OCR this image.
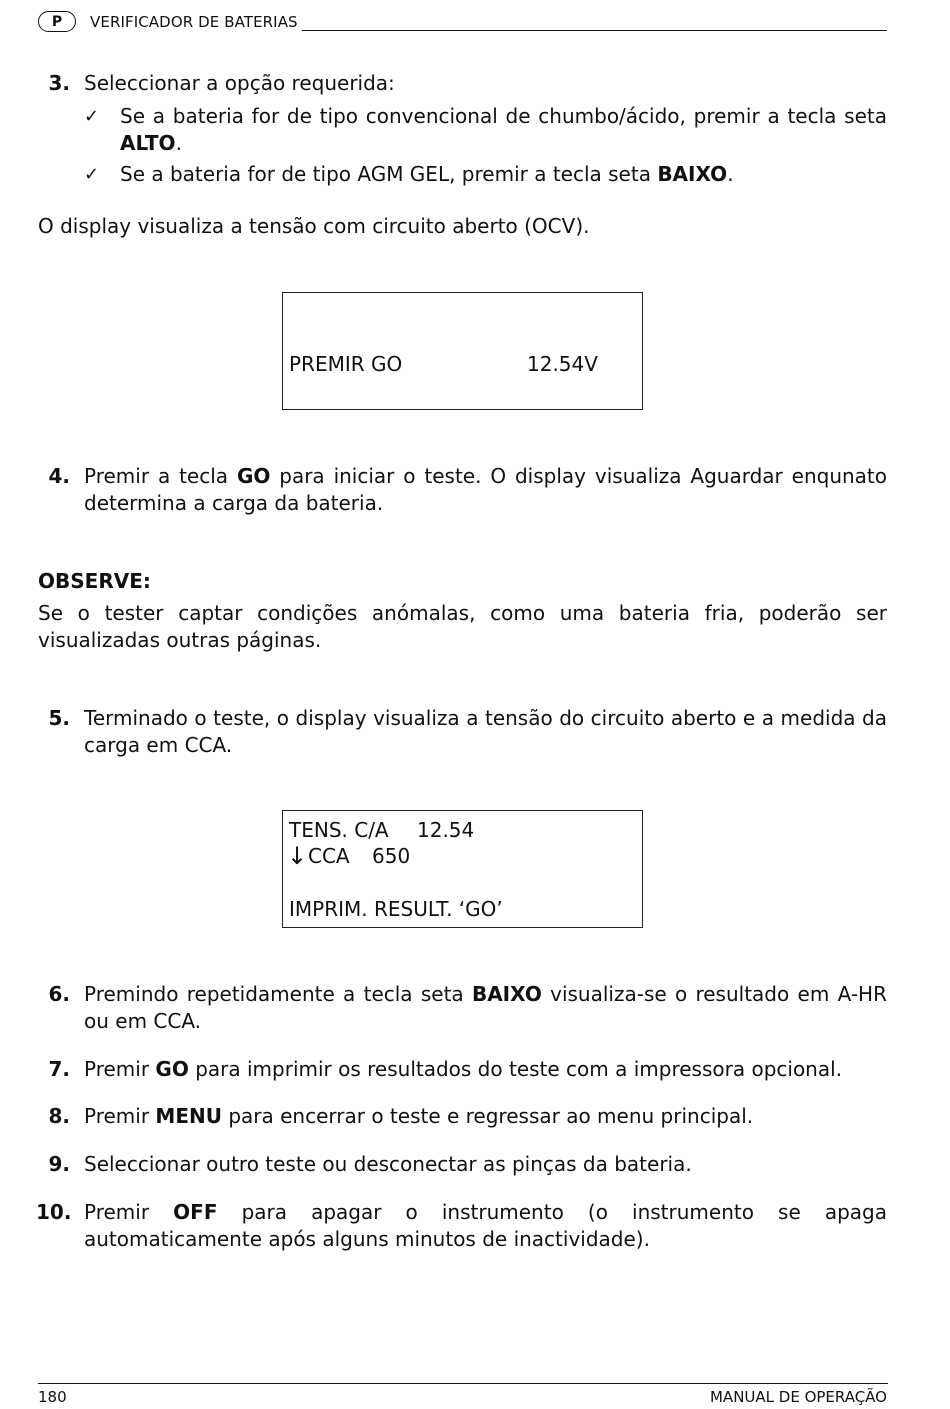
P	VERIFICADOR DE BATERIAS
3. Seleccionar a opção requerida:
✓ Se a bateria for de tipo convencional de chumbo/ácido, premir a tecla seta ALTO.
✓ Se a bateria for de tipo AGM GEL, premir a tecla seta BAIXO.
O display visualiza a tensão com circuito aberto (OCV).
PREMIR GO	12.54V
4. Premir a tecla GO para iniciar o teste. O display visualiza Aguardar enqunato determina a carga da bateria.
OBSERVE:
Se o tester captar condições anómalas, como uma bateria fria, poderão ser visualizadas outras páginas.
5. Terminado o teste, o display visualiza a tensão do circuito aberto e a medida da carga em CCA.
TENS. C/A 12.54
↓ CCA 650
IMPRIM. RESULT. ‘GO’
6. Premindo repetidamente a tecla seta BAIXO visualiza-se o resultado em A-HR ou em CCA.
7. Premir GO para imprimir os resultados do teste com a impressora opcional.
8. Premir MENU para encerrar o teste e regressar ao menu principal.
9. Seleccionar outro teste ou desconectar as pinças da bateria.
10. Premir OFF para apagar o instrumento (o instrumento se apaga automaticamente após alguns minutos de inactividade).
180	MANUAL DE OPERAÇÃO
